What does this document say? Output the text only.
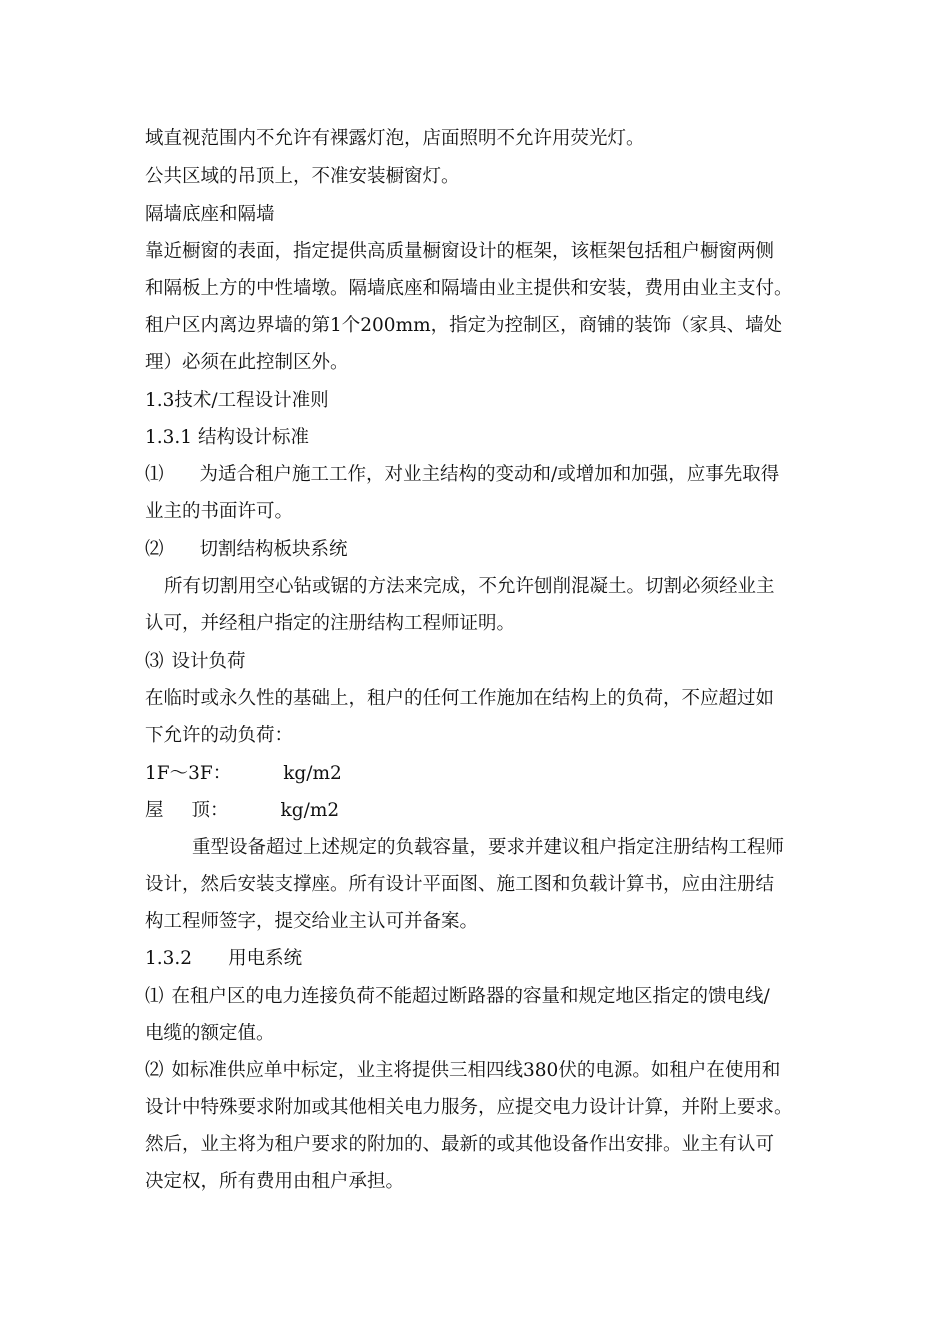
域直视范围内不允许有裸露灯泡，店面照明不允许用荧光灯。
公共区域的吊顶上，不准安装橱窗灯。
隔墙底座和隔墙
靠近橱窗的表面，指定提供高质量橱窗设计的框架，该框架包括租户橱窗两侧
和隔板上方的中性墙墩。隔墙底座和隔墙由业主提供和安装，费用由业主支付。
租户区内离边界墙的第1个200mm，指定为控制区，商铺的装饰（家具、墙处
理）必须在此控制区外。
1.3技术/工程设计准则
1.3.1 结构设计标准
⑴ 为适合租户施工工作，对业主结构的变动和/或增加和加强，应事先取得
业主的书面许可。
⑵ 切割结构板块系统
所有切割用空心钻或锯的方法来完成，不允许刨削混凝土。切割必须经业主
认可，并经租户指定的注册结构工程师证明。
⑶ 设计负荷
在临时或永久性的基础上，租户的任何工作施加在结构上的负荷，不应超过如
下允许的动负荷：
1F～3F：	kg/m2
屋 顶：	kg/m2
重型设备超过上述规定的负载容量，要求并建议租户指定注册结构工程师
设计，然后安装支撑座。所有设计平面图、施工图和负载计算书，应由注册结
构工程师签字，提交给业主认可并备案。
1.3.2 用电系统
⑴ 在租户区的电力连接负荷不能超过断路器的容量和规定地区指定的馈电线/
电缆的额定值。
⑵ 如标准供应单中标定，业主将提供三相四线380伏的电源。如租户在使用和
设计中特殊要求附加或其他相关电力服务，应提交电力设计计算，并附上要求。
然后，业主将为租户要求的附加的、最新的或其他设备作出安排。业主有认可
决定权，所有费用由租户承担。
